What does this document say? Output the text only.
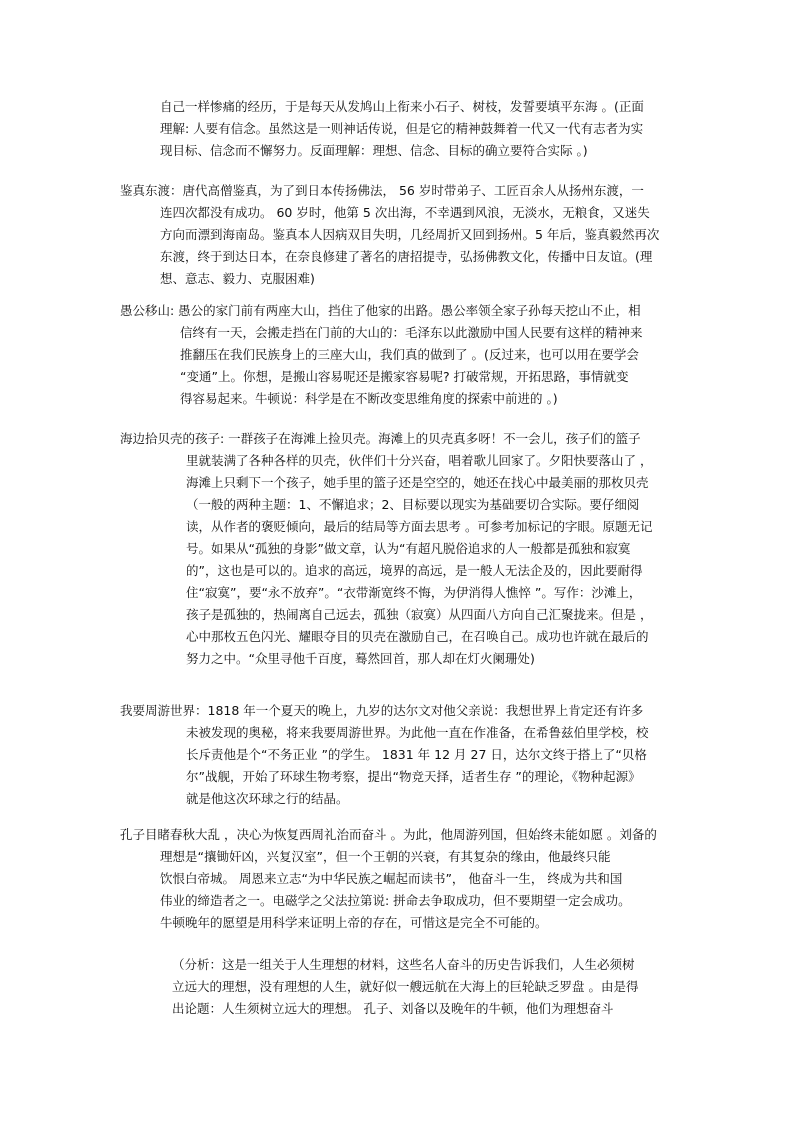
自己一样惨痛的经历，于是每天从发鸠山上衔来小石子、树枝，发誓要填平东海 。(正面
理解: 人要有信念。虽然这是一则神话传说，但是它的精神鼓舞着一代又一代有志者为实
现目标、信念而不懈努力。反面理解：理想、信念、目标的确立要符合实际 。)
鉴真东渡：唐代高僧鉴真，为了到日本传扬佛法， 56 岁时带弟子、工匠百余人从扬州东渡，一
连四次都没有成功。 60 岁时，他第 5 次出海，不幸遇到风浪，无淡水，无粮食，又迷失
方向而漂到海南岛。鉴真本人因病双目失明，几经周折又回到扬州。5 年后，鉴真毅然再次
东渡，终于到达日本，在奈良修建了著名的唐招提寺，弘扬佛教文化，传播中日友谊。(理
想、意志、毅力、克服困难)
愚公移山: 愚公的家门前有两座大山，挡住了他家的出路。愚公率领全家子孙每天挖山不止，相
信终有一天，会搬走挡在门前的大山的：毛泽东以此激励中国人民要有这样的精神来
推翻压在我们民族身上的三座大山，我们真的做到了 。(反过来，也可以用在要学会
“变通”上。你想，是搬山容易呢还是搬家容易呢? 打破常规，开拓思路，事情就变
得容易起来。牛顿说：科学是在不断改变思维角度的探索中前进的 。)
海边拾贝壳的孩子: 一群孩子在海滩上捡贝壳。海滩上的贝壳真多呀！不一会儿，孩子们的篮子
里就装满了各种各样的贝壳，伙伴们十分兴奋，唱着歌儿回家了。夕阳快要落山了 ，
海滩上只剩下一个孩子，她手里的篮子还是空空的，她还在找心中最美丽的那枚贝壳
（一般的两种主题：1、不懈追求；2、目标要以现实为基础要切合实际。要仔细阅
读，从作者的褒贬倾向，最后的结局等方面去思考 。可参考加标记的字眼。原题无记
号。如果从“孤独的身影”做文章，认为“有超凡脱俗追求的人一般都是孤独和寂寞
的”，这也是可以的。追求的高远，境界的高远，是一般人无法企及的，因此要耐得
住“寂寞”，要“永不放弃”。“衣带渐宽终不悔，为伊消得人憔悴 ”。写作：沙滩上，
孩子是孤独的，热闹离自己远去，孤独（寂寞）从四面八方向自己汇聚拢来。但是 ，
心中那枚五色闪光、耀眼夺目的贝壳在激励自己，在召唤自己。成功也许就在最后的
努力之中。“众里寻他千百度，蓦然回首，那人却在灯火阑珊处)
我要周游世界：1818 年一个夏天的晚上，九岁的达尔文对他父亲说：我想世界上肯定还有许多
未被发现的奥秘，将来我要周游世界。为此他一直在作准备，在希鲁兹伯里学校，校
长斥责他是个“不务正业 ”的学生。 1831 年 12 月 27 日，达尔文终于搭上了“贝格
尔”战舰，开始了环球生物考察，提出“物竞天择，适者生存 ”的理论，《物种起源》
就是他这次环球之行的结晶。
孔子目睹春秋大乱 ，决心为恢复西周礼治而奋斗 。为此，他周游列国，但始终未能如愿 。刘备的
理想是“攘锄奸凶，兴复汉室”，但一个王朝的兴衰，有其复杂的缘由，他最终只能
饮恨白帝城。 周恩来立志“为中华民族之崛起而读书”， 他奋斗一生， 终成为共和国
伟业的缔造者之一。电磁学之父法拉第说: 拼命去争取成功，但不要期望一定会成功。
牛顿晚年的愿望是用科学来证明上帝的存在，可惜这是完全不可能的。
（分析：这是一组关于人生理想的材料，这些名人奋斗的历史告诉我们，人生必须树
立远大的理想，没有理想的人生，就好似一艘远航在大海上的巨轮缺乏罗盘 。由是得
出论题：人生须树立远大的理想。 孔子、刘备以及晚年的牛顿，他们为理想奋斗
